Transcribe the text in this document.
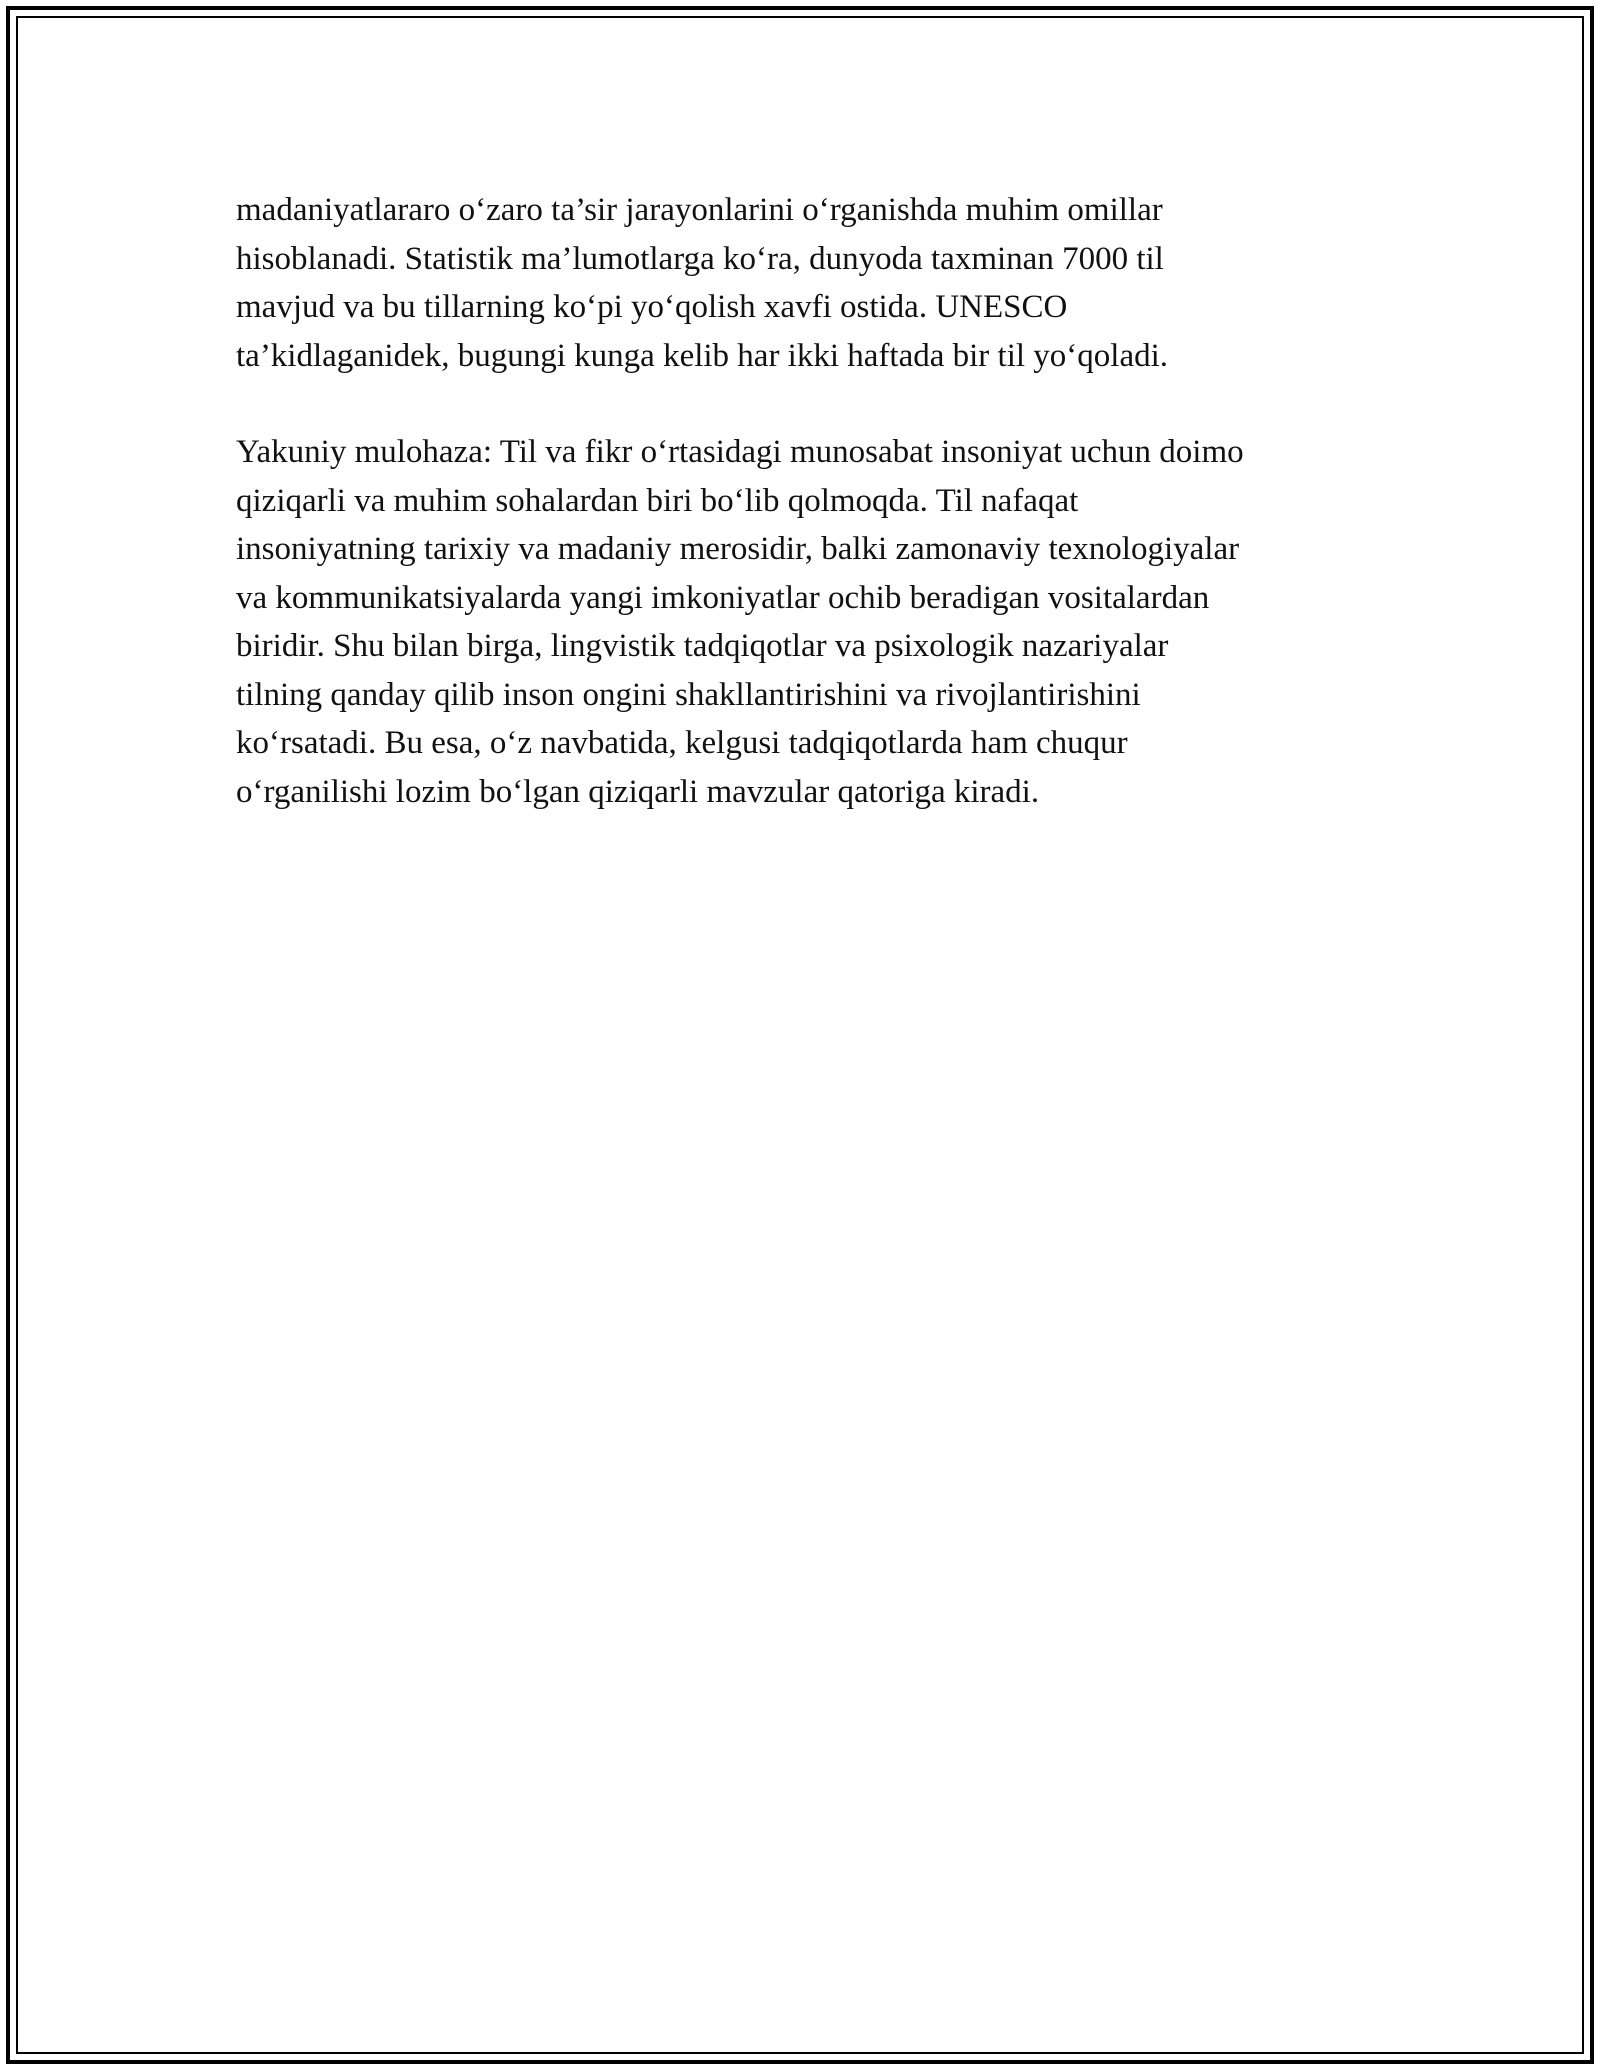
madaniyatlararo o‘zaro ta’sir jarayonlarini o‘rganishda muhim omillar
hisoblanadi. Statistik ma’lumotlarga ko‘ra, dunyoda taxminan 7000 til
mavjud va bu tillarning ko‘pi yo‘qolish xavfi ostida. UNESCO
ta’kidlaganidek, bugungi kunga kelib har ikki haftada bir til yo‘qoladi.

Yakuniy mulohaza: Til va fikr o‘rtasidagi munosabat insoniyat uchun doimo
qiziqarli va muhim sohalardan biri bo‘lib qolmoqda. Til nafaqat
insoniyatning tarixiy va madaniy merosidir, balki zamonaviy texnologiyalar
va kommunikatsiyalarda yangi imkoniyatlar ochib beradigan vositalardan
biridir. Shu bilan birga, lingvistik tadqiqotlar va psixologik nazariyalar
tilning qanday qilib inson ongini shakllantirishini va rivojlantirishini
ko‘rsatadi. Bu esa, o‘z navbatida, kelgusi tadqiqotlarda ham chuqur
o‘rganilishi lozim bo‘lgan qiziqarli mavzular qatoriga kiradi.
